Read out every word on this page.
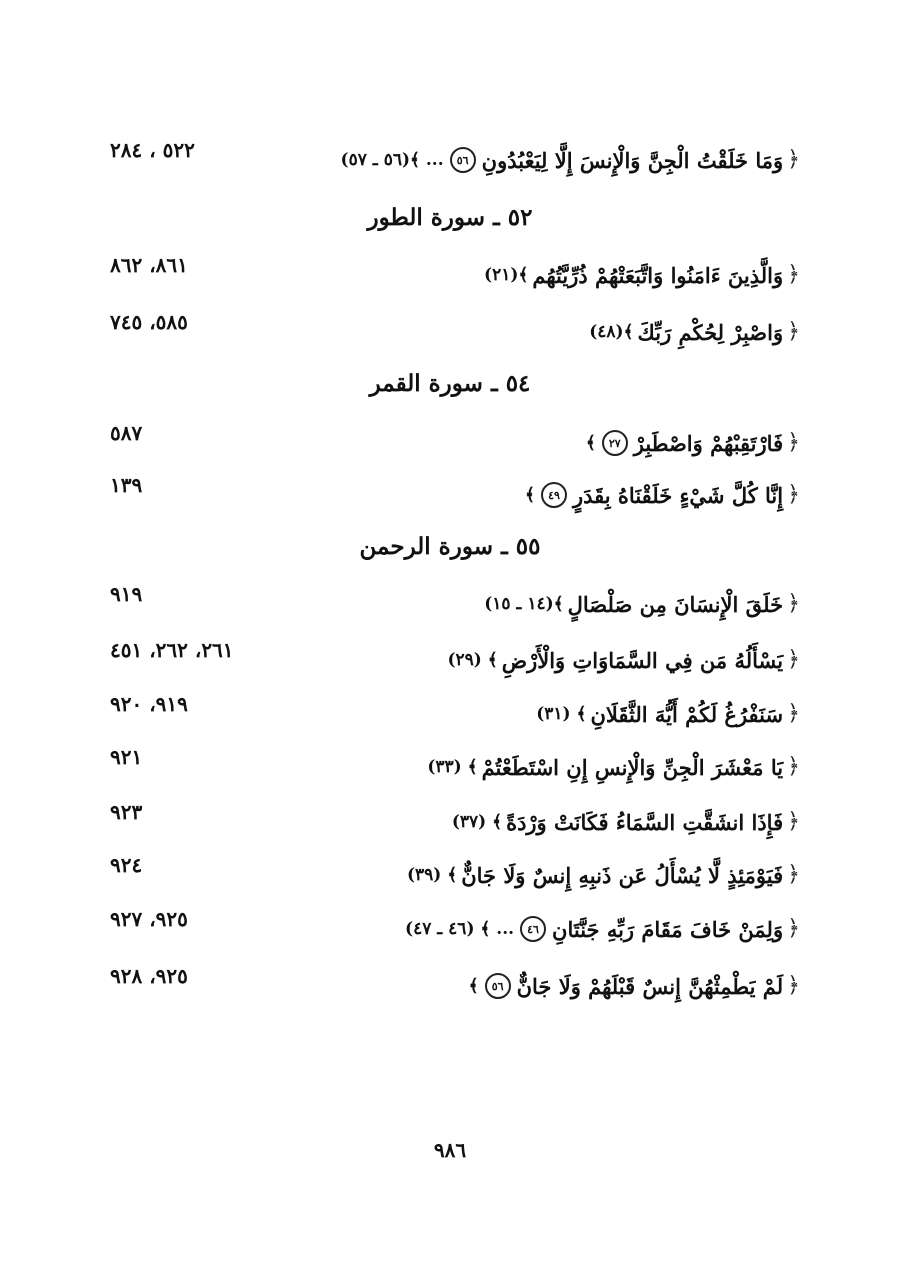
٥٢٢ ، ٢٨٤	﴿
وَمَا خَلَقْتُ الْجِنَّ وَالْإِنسَ إِلَّا لِيَعْبُدُونِ
٥٦
... ﴾(٥٦ ـ ٥٧)
٥٢ ـ سورة الطور
٨٦١، ٨٦٢	﴿
وَالَّذِينَ ءَامَنُوا وَاتَّبَعَتْهُمْ ذُرِّيَّتُهُم
﴾(٢١)
٥٨٥، ٧٤٥	﴿
وَاصْبِرْ لِحُكْمِ رَبِّكَ
﴾(٤٨)
٥٤ ـ سورة القمر
٥٨٧	﴿
فَارْتَقِبْهُمْ وَاصْطَبِرْ
٢٧
﴾
١٣٩	﴿
إِنَّا كُلَّ شَيْءٍ خَلَقْنَاهُ بِقَدَرٍ
٤٩
﴾
٥٥ ـ سورة الرحمن
٩١٩	﴿
خَلَقَ الْإِنسَانَ مِن صَلْصَالٍ
﴾(١٤ ـ ١٥)
٢٦١، ٢٦٢، ٤٥١	﴿
يَسْأَلُهُ مَن فِي السَّمَاوَاتِ وَالْأَرْضِ
﴾ (٢٩)
٩١٩، ٩٢٠	﴿
سَنَفْرُغُ لَكُمْ أَيُّهَ الثَّقَلَانِ
﴾ (٣١)
٩٢١	﴿
يَا مَعْشَرَ الْجِنِّ وَالْإِنسِ إِنِ اسْتَطَعْتُمْ
﴾ (٣٣)
٩٢٣	﴿
فَإِذَا انشَقَّتِ السَّمَاءُ فَكَانَتْ وَرْدَةً
﴾ (٣٧)
٩٢٤	﴿
فَيَوْمَئِذٍ لَّا يُسْأَلُ عَن ذَنبِهِ إِنسٌ وَلَا جَانٌّ
﴾ (٣٩)
٩٢٥، ٩٢٧	﴿
وَلِمَنْ خَافَ مَقَامَ رَبِّهِ جَنَّتَانِ
٤٦
... ﴾ (٤٦ ـ ٤٧)
٩٢٥، ٩٢٨	﴿
لَمْ يَطْمِثْهُنَّ إِنسٌ قَبْلَهُمْ وَلَا جَانٌّ
٥٦
﴾
٩٨٦
